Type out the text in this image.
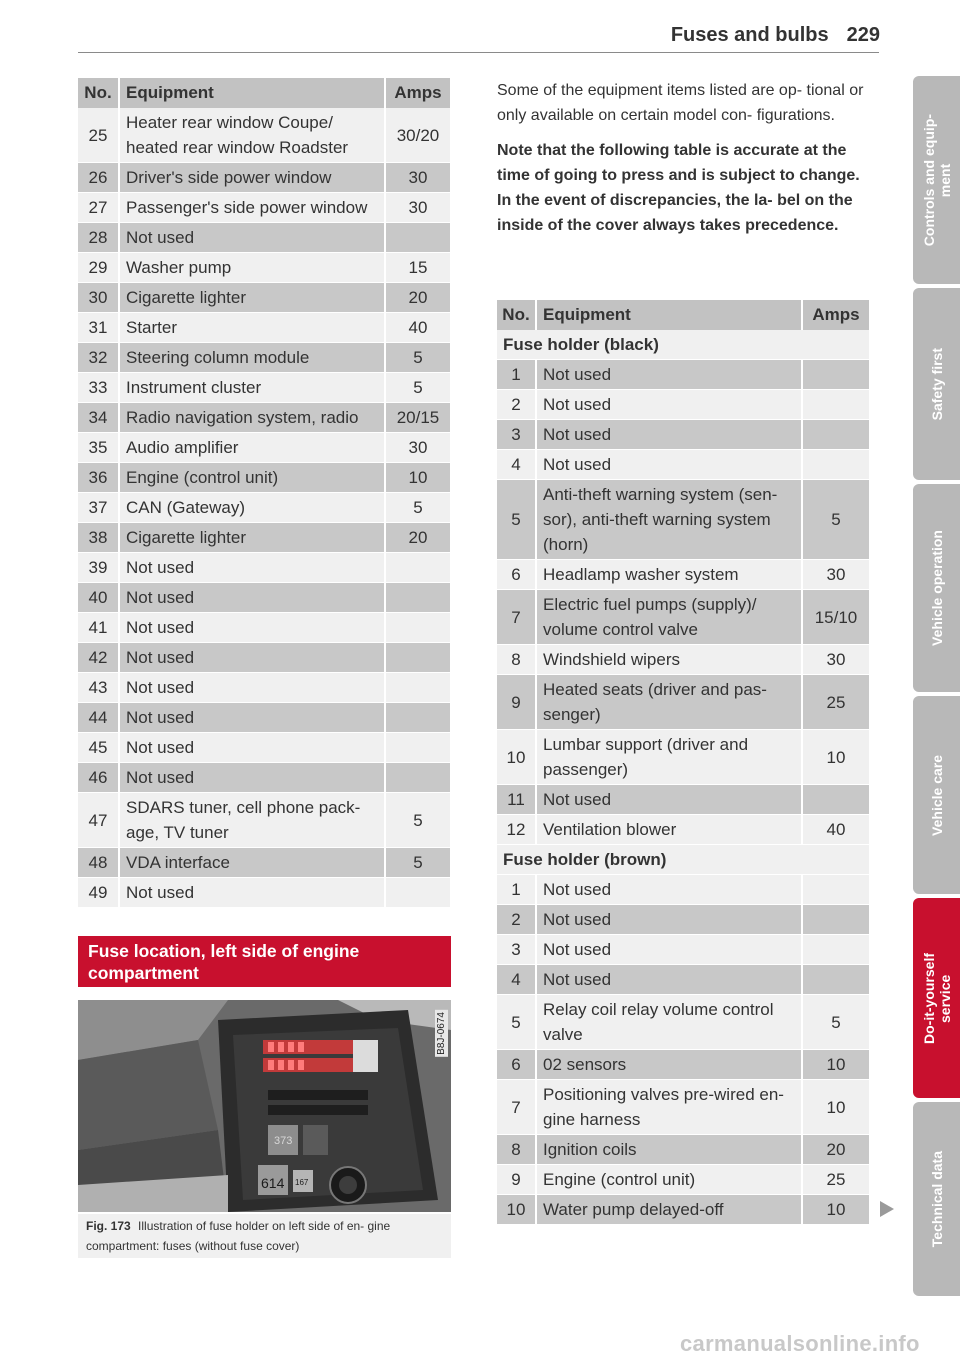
Fuses and bulbs 229
No.	Equipment	Amps
25	Heater rear window Coupe/ heated rear window Roadster	30/20
26	Driver's side power window	30
27	Passenger's side power window	30
28	Not used	
29	Washer pump	15
30	Cigarette lighter	20
31	Starter	40
32	Steering column module	5
33	Instrument cluster	5
34	Radio navigation system, radio	20/15
35	Audio amplifier	30
36	Engine (control unit)	10
37	CAN (Gateway)	5
38	Cigarette lighter	20
39	Not used	
40	Not used	
41	Not used	
42	Not used	
43	Not used	
44	Not used	
45	Not used	
46	Not used	
47	SDARS tuner, cell phone pack- age, TV tuner	5
48	VDA interface	5
49	Not used	
Fuse location, left side of engine compartment
373
614 167
B8J-0674
Fig. 173 Illustration of fuse holder on left side of en- gine compartment: fuses (without fuse cover)

Some of the equipment items listed are op- tional or only available on certain model con- figurations.

Note that the following table is accurate at the time of going to press and is subject to change. In the event of discrepancies, the la- bel on the inside of the cover always takes precedence.

No.	Equipment	Amps
Fuse holder (black)		
1	Not used	
2	Not used	
3	Not used	
4	Not used	
5	Anti-theft warning system (sen- sor), anti-theft warning system (horn)	5
6	Headlamp washer system	30
7	Electric fuel pumps (supply)/ volume control valve	15/10
8	Windshield wipers	30
9	Heated seats (driver and pas- senger)	25
10	Lumbar support (driver and passenger)	10
11	Not used	
12	Ventilation blower	40
Fuse holder (brown)		
1	Not used	
2	Not used	
3	Not used	
4	Not used	
5	Relay coil relay volume control valve	5
6	02 sensors	10
7	Positioning valves pre-wired en- gine harness	10
8	Ignition coils	20
9	Engine (control unit)	25
10	Water pump delayed-off	10
Controls and equip-
ment
Safety first
Vehicle operation
Vehicle care
Do-it-yourself
service
Technical data
carmanualsonline.info
